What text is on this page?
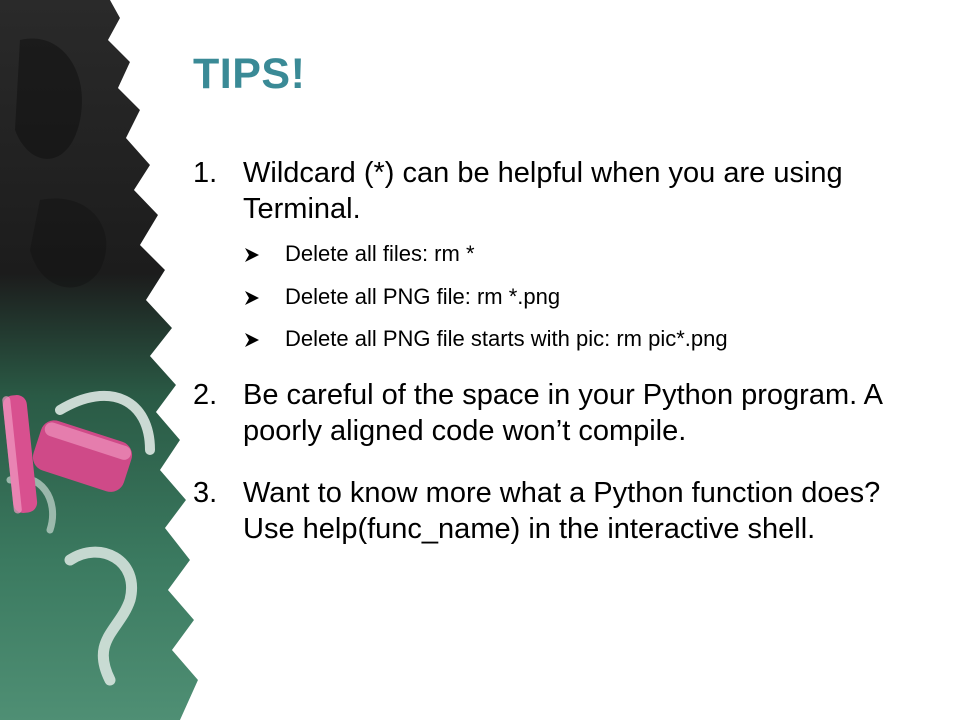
TIPS!
1. Wildcard (*) can be helpful when you are using Terminal.
Delete all files: rm *
Delete all PNG file: rm *.png
Delete all PNG file starts with pic: rm pic*.png
2. Be careful of the space in your Python program. A poorly aligned code won’t compile.
3. Want to know more what a Python function does? Use help(func_name) in the interactive shell.
